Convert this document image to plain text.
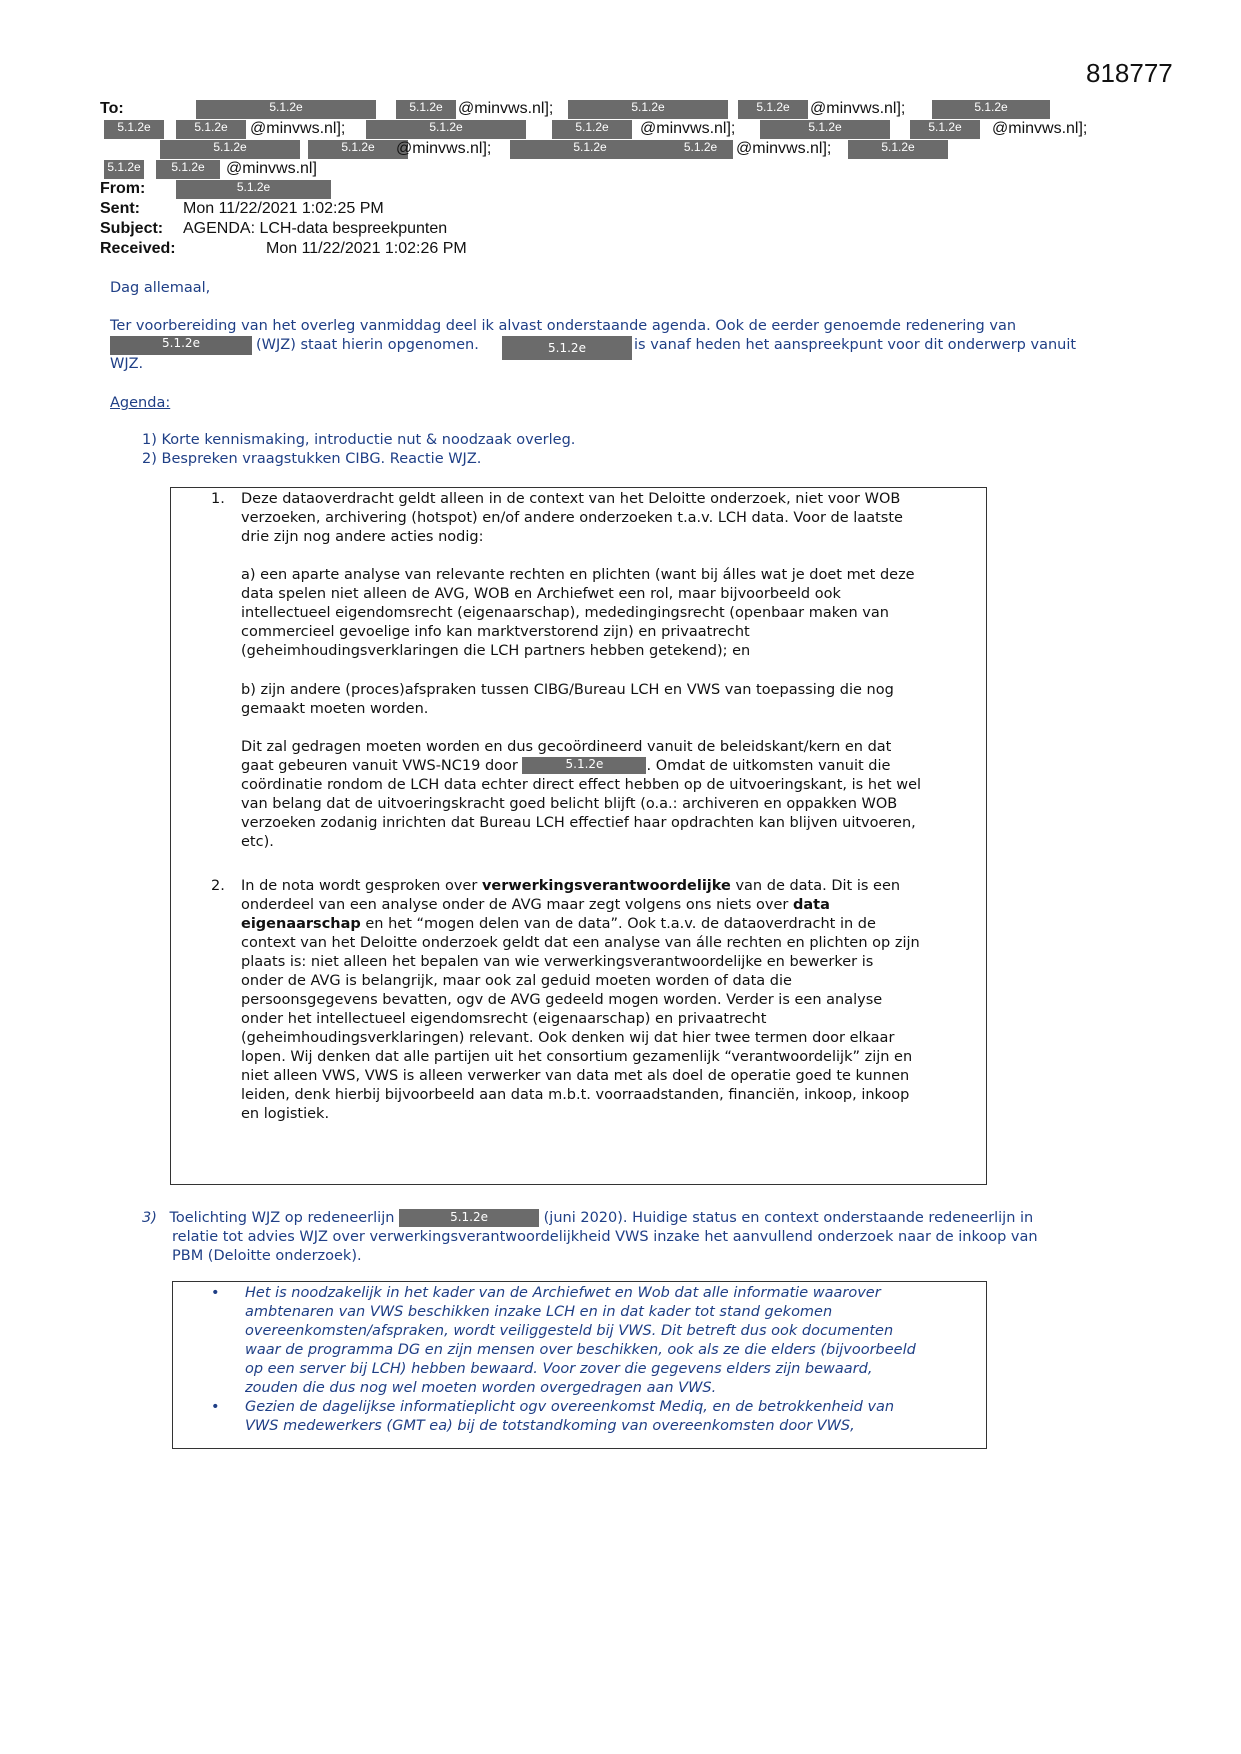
818777
To:	5.1.2e	5.1.2e @minvws.nl];	5.1.2e	5.1.2e	@minvws.nl];	5.1.2e
5.1.2e	5.1.2e	@minvws.nl];	5.1.2e	5.1.2e	@minvws.nl];	5.1.2e	5.1.2e	@minvws.nl];
5.1.2e	5.1.2e	@minvws.nl];	5.1.2e	5.1.2e	@minvws.nl];	5.1.2e
5.1.2e	5.1.2e	@minvws.nl]
From:	5.1.2e
Sent:	Mon 11/22/2021 1:02:25 PM
Subject: AGENDA: LCH-data bespreekpunten
Received:	Mon 11/22/2021 1:02:26 PM
Dag allemaal,
Ter voorbereiding van het overleg vanmiddag deel ik alvast onderstaande agenda. Ook de eerder genoemde redenering van
5.1.2e	(WJZ) staat hierin opgenomen.	5.1.2e	is vanaf heden het aanspreekpunt voor dit onderwerp vanuit
WJZ.
Agenda:
1) Korte kennismaking, introductie nut & noodzaak overleg.
2) Bespreken vraagstukken CIBG. Reactie WJZ.
1. Deze dataoverdracht geldt alleen in de context van het Deloitte onderzoek, niet voor WOB
verzoeken, archivering (hotspot) en/of andere onderzoeken t.a.v. LCH data. Voor de laatste
drie zijn nog andere acties nodig:
a) een aparte analyse van relevante rechten en plichten (want bij álles wat je doet met deze
data spelen niet alleen de AVG, WOB en Archiefwet een rol, maar bijvoorbeeld ook
intellectueel eigendomsrecht (eigenaarschap), mededingingsrecht (openbaar maken van
commercieel gevoelige info kan marktverstorend zijn) en privaatrecht
(geheimhoudingsverklaringen die LCH partners hebben getekend); en
b) zijn andere (proces)afspraken tussen CIBG/Bureau LCH en VWS van toepassing die nog
gemaakt moeten worden.
Dit zal gedragen moeten worden en dus gecoördineerd vanuit de beleidskant/kern en dat
gaat gebeuren vanuit VWS-NC19 door	5.1.2e	. Omdat de uitkomsten vanuit die
coördinatie rondom de LCH data echter direct effect hebben op de uitvoeringskant, is het wel
van belang dat de uitvoeringskracht goed belicht blijft (o.a.: archiveren en oppakken WOB
verzoeken zodanig inrichten dat Bureau LCH effectief haar opdrachten kan blijven uitvoeren,
etc).
2. In de nota wordt gesproken over verwerkingsverantwoordelijke van de data. Dit is een
onderdeel van een analyse onder de AVG maar zegt volgens ons niets over data
eigenaarschap en het “mogen delen van de data”. Ook t.a.v. de dataoverdracht in de
context van het Deloitte onderzoek geldt dat een analyse van álle rechten en plichten op zijn
plaats is: niet alleen het bepalen van wie verwerkingsverantwoordelijke en bewerker is
onder de AVG is belangrijk, maar ook zal geduid moeten worden of data die
persoonsgegevens bevatten, ogv de AVG gedeeld mogen worden. Verder is een analyse
onder het intellectueel eigendomsrecht (eigenaarschap) en privaatrecht
(geheimhoudingsverklaringen) relevant. Ook denken wij dat hier twee termen door elkaar
lopen. Wij denken dat alle partijen uit het consortium gezamenlijk “verantwoordelijk” zijn en
niet alleen VWS, VWS is alleen verwerker van data met als doel de operatie goed te kunnen
leiden, denk hierbij bijvoorbeeld aan data m.b.t. voorraadstanden, financiën, inkoop, inkoop
en logistiek.
3) Toelichting WJZ op redeneerlijn	5.1.2e	(juni 2020). Huidige status en context onderstaande redeneerlijn in
relatie tot advies WJZ over verwerkingsverantwoordelijkheid VWS inzake het aanvullend onderzoek naar de inkoop van
PBM (Deloitte onderzoek).
• Het is noodzakelijk in het kader van de Archiefwet en Wob dat alle informatie waarover
ambtenaren van VWS beschikken inzake LCH en in dat kader tot stand gekomen
overeenkomsten/afspraken, wordt veiliggesteld bij VWS. Dit betreft dus ook documenten
waar de programma DG en zijn mensen over beschikken, ook als ze die elders (bijvoorbeeld
op een server bij LCH) hebben bewaard. Voor zover die gegevens elders zijn bewaard,
zouden die dus nog wel moeten worden overgedragen aan VWS.
• Gezien de dagelijkse informatieplicht ogv overeenkomst Mediq, en de betrokkenheid van
VWS medewerkers (GMT ea) bij de totstandkoming van overeenkomsten door VWS,
